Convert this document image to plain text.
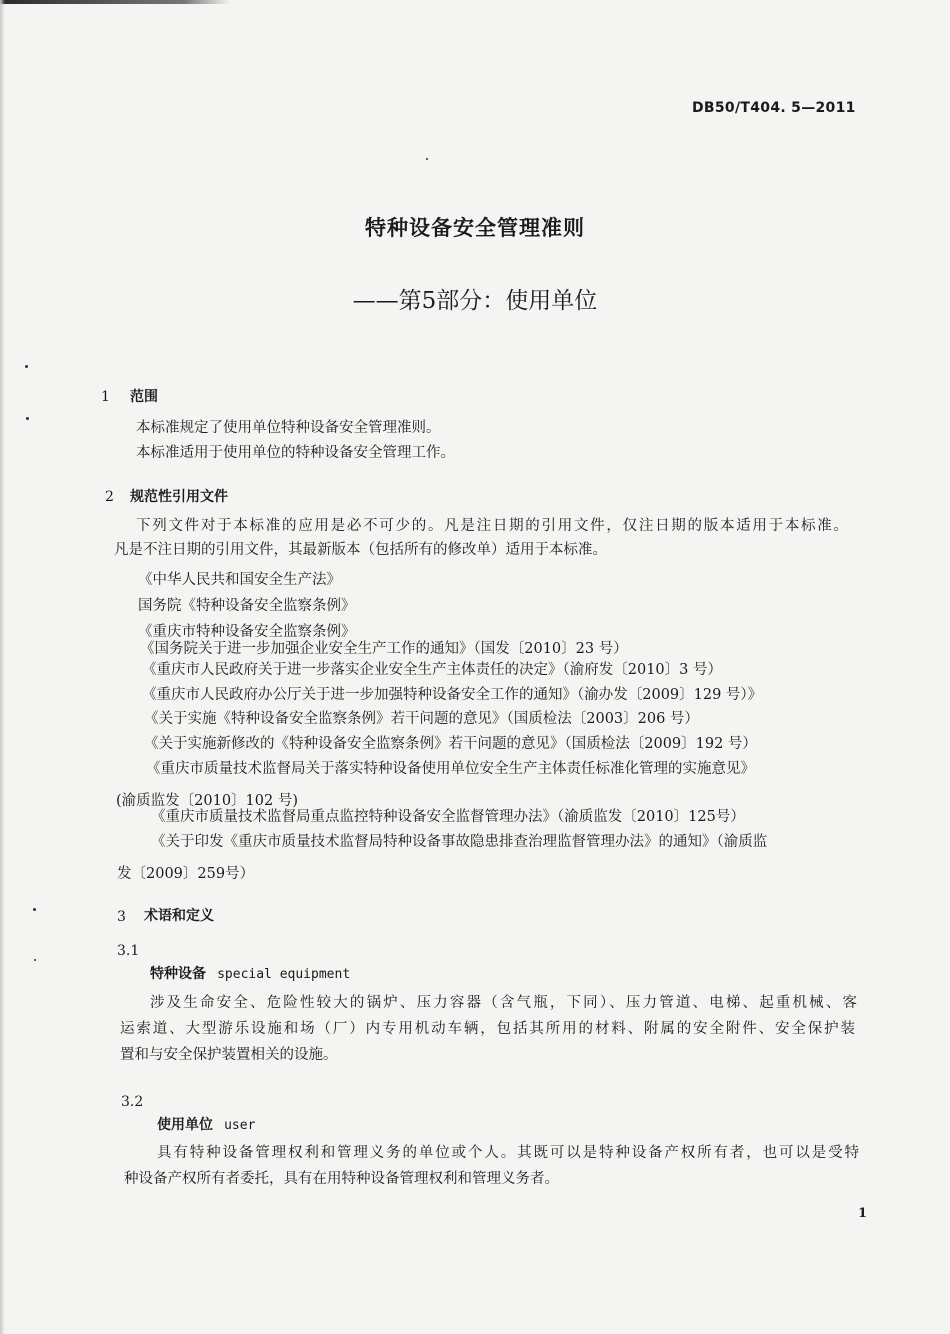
DB50/T404. 5—2011
特种设备安全管理准则
——第5部分：使用单位
1 范围
本标准规定了使用单位特种设备安全管理准则。
本标准适用于使用单位的特种设备安全管理工作。
2 规范性引用文件
下列文件对于本标准的应用是必不可少的。凡是注日期的引用文件，仅注日期的版本适用于本标准。
凡是不注日期的引用文件，其最新版本（包括所有的修改单）适用于本标准。
《中华人民共和国安全生产法》
国务院《特种设备安全监察条例》
《重庆市特种设备安全监察条例》
《国务院关于进一步加强企业安全生产工作的通知》（国发〔2010〕23 号）
《重庆市人民政府关于进一步落实企业安全生产主体责任的决定》（渝府发〔2010〕3 号）
《重庆市人民政府办公厅关于进一步加强特种设备安全工作的通知》（渝办发〔2009〕129 号）》
《关于实施《特种设备安全监察条例》若干问题的意见》（国质检法〔2003〕206 号）
《关于实施新修改的《特种设备安全监察条例》若干问题的意见》（国质检法〔2009〕192 号）
《重庆市质量技术监督局关于落实特种设备使用单位安全生产主体责任标准化管理的实施意见》
(渝质监发〔2010〕102 号)
《重庆市质量技术监督局重点监控特种设备安全监督管理办法》（渝质监发〔2010〕125号）
《关于印发《重庆市质量技术监督局特种设备事故隐患排查治理监督管理办法》的通知》（渝质监
发〔2009〕259号）
3 术语和定义
3.1
特种设备 special equipment
涉及生命安全、危险性较大的锅炉、压力容器（含气瓶，下同）、压力管道、电梯、起重机械、客
运索道、大型游乐设施和场（厂）内专用机动车辆，包括其所用的材料、附属的安全附件、安全保护装
置和与安全保护装置相关的设施。
3.2
使用单位 user
具有特种设备管理权利和管理义务的单位或个人。其既可以是特种设备产权所有者，也可以是受特
种设备产权所有者委托，具有在用特种设备管理权利和管理义务者。
1
